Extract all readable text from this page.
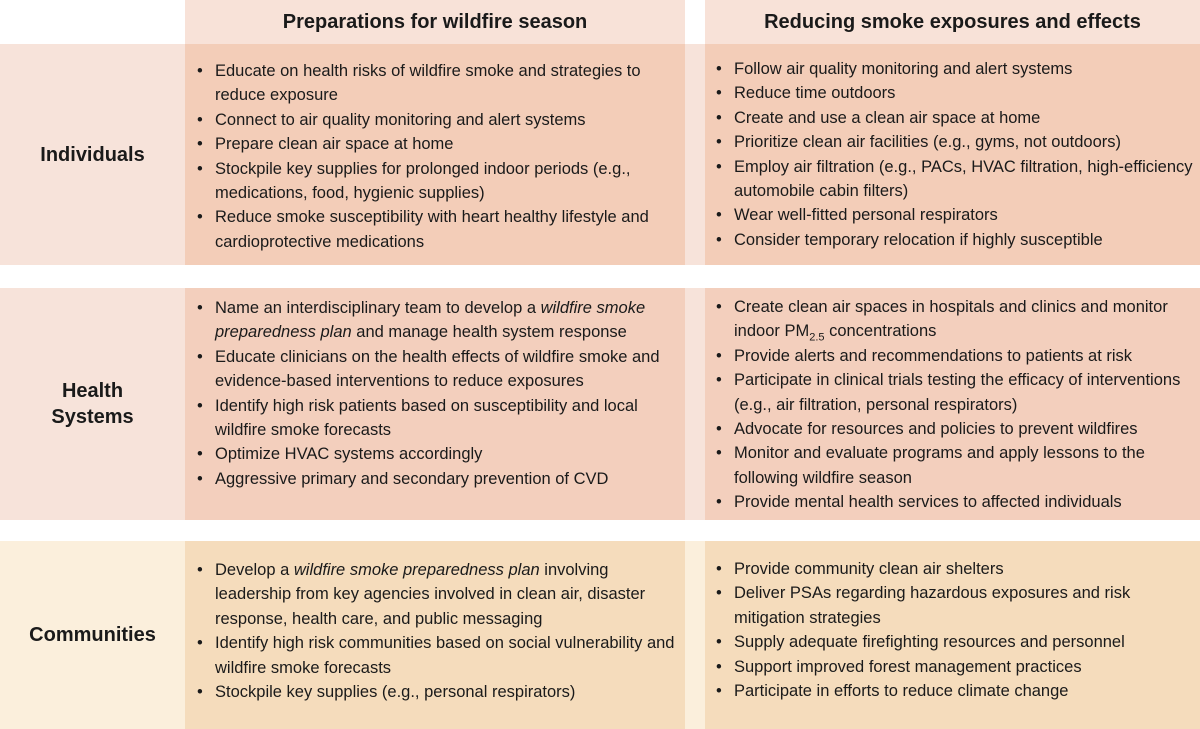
Preparations for wildfire season	Reducing smoke exposures and effects
Individuals
Health
Systems
Communities
• Educate on health risks of wildfire smoke and strategies to reduce exposure
• Connect to air quality monitoring and alert systems
• Prepare clean air space at home
• Stockpile key supplies for prolonged indoor periods (e.g., medications, food, hygienic supplies)
• Reduce smoke susceptibility with heart healthy lifestyle and cardioprotective medications
• Follow air quality monitoring and alert systems
• Reduce time outdoors
• Create and use a clean air space at home
• Prioritize clean air facilities (e.g., gyms, not outdoors)
• Employ air filtration (e.g., PACs, HVAC filtration, high-efficiency automobile cabin filters)
• Wear well-fitted personal respirators
• Consider temporary relocation if highly susceptible
• Name an interdisciplinary team to develop a wildfire smoke preparedness plan and manage health system response
• Educate clinicians on the health effects of wildfire smoke and evidence-based interventions to reduce exposures
• Identify high risk patients based on susceptibility and local wildfire smoke forecasts
• Optimize HVAC systems accordingly
• Aggressive primary and secondary prevention of CVD
• Create clean air spaces in hospitals and clinics and monitor indoor $PM_{2.5}$ concentrations
• Provide alerts and recommendations to patients at risk
• Participate in clinical trials testing the efficacy of interventions (e.g., air filtration, personal respirators)
• Advocate for resources and policies to prevent wildfires
• Monitor and evaluate programs and apply lessons to the following wildfire season
• Provide mental health services to affected individuals
• Develop a wildfire smoke preparedness plan involving leadership from key agencies involved in clean air, disaster response, health care, and public messaging
• Identify high risk communities based on social vulnerability and wildfire smoke forecasts
• Stockpile key supplies (e.g., personal respirators)
• Provide community clean air shelters
• Deliver PSAs regarding hazardous exposures and risk mitigation strategies
• Supply adequate firefighting resources and personnel
• Support improved forest management practices
• Participate in efforts to reduce climate change
